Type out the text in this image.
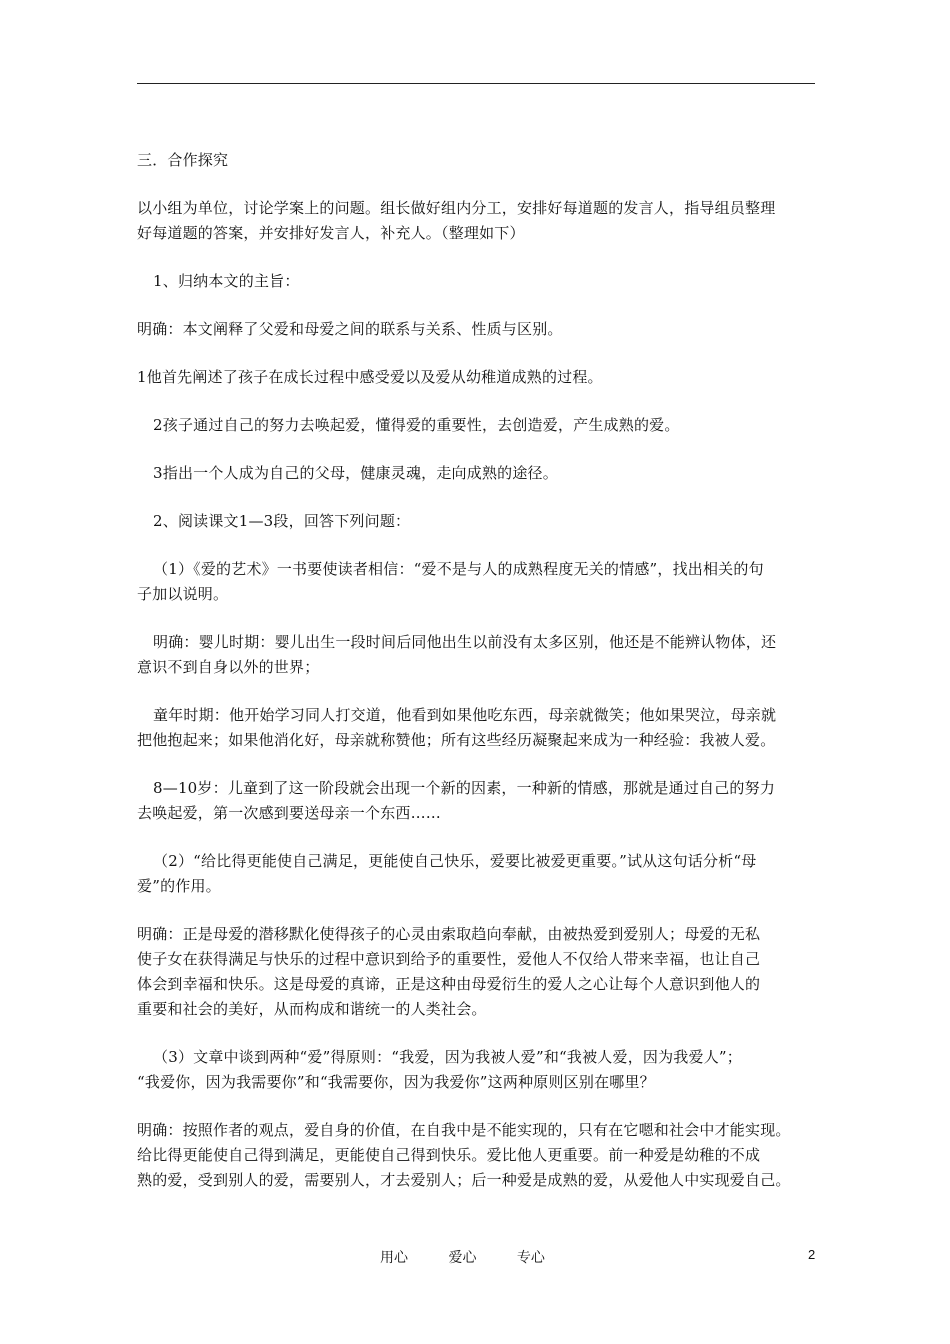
三．合作探究

以小组为单位，讨论学案上的问题。组长做好组内分工，安排好每道题的发言人，指导组员整理

好每道题的答案，并安排好发言人，补充人。（整理如下）

1、归纳本文的主旨：

明确：本文阐释了父爱和母爱之间的联系与关系、性质与区别。

1他首先阐述了孩子在成长过程中感受爱以及爱从幼稚道成熟的过程。

2孩子通过自己的努力去唤起爱，懂得爱的重要性，去创造爱，产生成熟的爱。

3指出一个人成为自己的父母，健康灵魂，走向成熟的途径。

2、阅读课文1—3段，回答下列问题：

（1）《爱的艺术》一书要使读者相信：“爱不是与人的成熟程度无关的情感”，找出相关的句

子加以说明。

明确：婴儿时期：婴儿出生一段时间后同他出生以前没有太多区别，他还是不能辨认物体，还

意识不到自身以外的世界；

童年时期：他开始学习同人打交道，他看到如果他吃东西，母亲就微笑；他如果哭泣，母亲就

把他抱起来；如果他消化好，母亲就称赞他；所有这些经历凝聚起来成为一种经验：我被人爱。

8—10岁：儿童到了这一阶段就会出现一个新的因素，一种新的情感，那就是通过自己的努力

去唤起爱，第一次感到要送母亲一个东西……

（2）“给比得更能使自己满足，更能使自己快乐，爱要比被爱更重要。”试从这句话分析“母

爱”的作用。

明确：正是母爱的潜移默化使得孩子的心灵由索取趋向奉献，由被热爱到爱别人；母爱的无私

使子女在获得满足与快乐的过程中意识到给予的重要性，爱他人不仅给人带来幸福，也让自己

体会到幸福和快乐。这是母爱的真谛，正是这种由母爱衍生的爱人之心让每个人意识到他人的

重要和社会的美好，从而构成和谐统一的人类社会。

（3）文章中谈到两种“爱”得原则：“我爱，因为我被人爱”和“我被人爱，因为我爱人”；

“我爱你，因为我需要你”和“我需要你，因为我爱你”这两种原则区别在哪里？

明确：按照作者的观点，爱自身的价值，在自我中是不能实现的，只有在它嗯和社会中才能实现。

给比得更能使自己得到满足，更能使自己得到快乐。爱比他人更重要。前一种爱是幼稚的不成

熟的爱，受到别人的爱，需要别人，才去爱别人；后一种爱是成熟的爱，从爱他人中实现爱自己。

用心	爱心	专心	2
